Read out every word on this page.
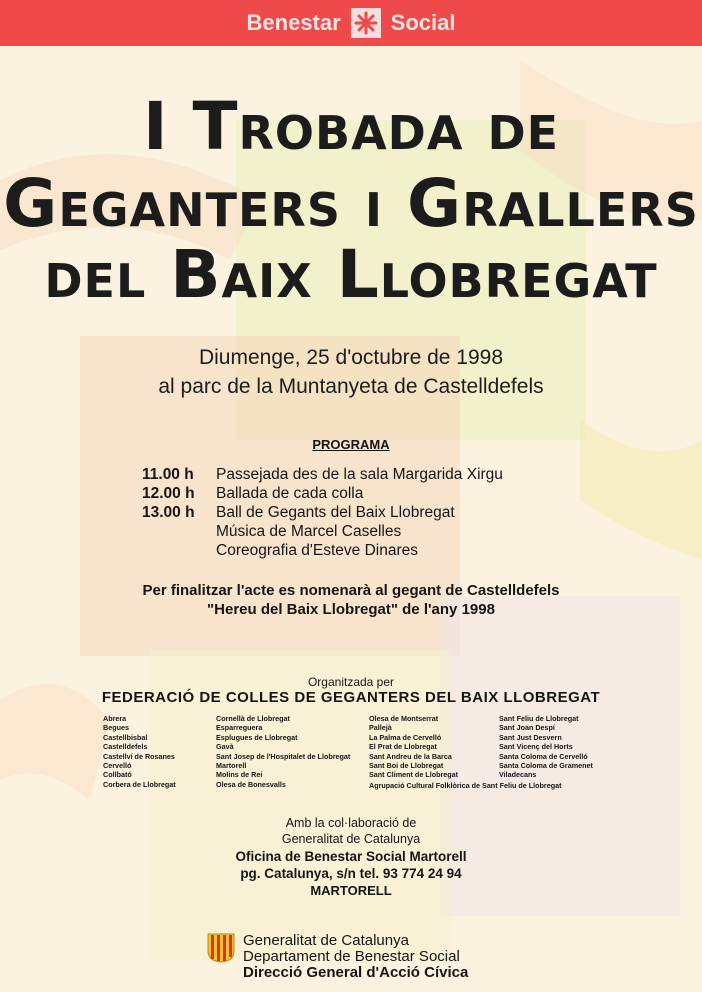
Benestar Social
I Trobada de
Geganters i Grallers
del Baix Llobregat
Diumenge, 25 d'octubre de 1998
al parc de la Muntanyeta de Castelldefels
PROGRAMA
11.00 h	Passejada des de la sala Margarida Xirgu
12.00 h	Ballada de cada colla
13.00 h	Ball de Gegants del Baix Llobregat
Música de Marcel Caselles
Coreografia d'Esteve Dinares
Per finalitzar l'acte es nomenarà al gegant de Castelldefels
"Hereu del Baix Llobregat" de l'any 1998
Organitzada per
FEDERACIÓ DE COLLES DE GEGANTERS DEL BAIX LLOBREGAT
Abrera
Begues
Castellbisbal
Castelldefels
Castellví de Rosanes
Cervelló
Collbató
Corbera de Llobregat
Cornellà de Llobregat
Esparreguera
Esplugues de Llobregat
Gavà
Sant Josep de l'Hospitalet de Llobregat
Martorell
Molins de Rei
Olesa de Bonesvalls
Olesa de Montserrat
Pallejà
La Palma de Cervelló
El Prat de Llobregat
Sant Andreu de la Barca
Sant Boi de Llobregat
Sant Climent de Llobregat
Sant Feliu de Llobregat
Sant Joan Despí
Sant Just Desvern
Sant Vicenç del Horts
Santa Coloma de Cervelló
Santa Coloma de Gramenet
Viladecans
Agrupació Cultural Folklòrica de Sant Feliu de Llobregat
Amb la col·laboració de
Generalitat de Catalunya
Oficina de Benestar Social Martorell
pg. Catalunya, s/n tel. 93 774 24 94
MARTORELL
Generalitat de Catalunya
Departament de Benestar Social
Direcció General d'Acció Cívica
